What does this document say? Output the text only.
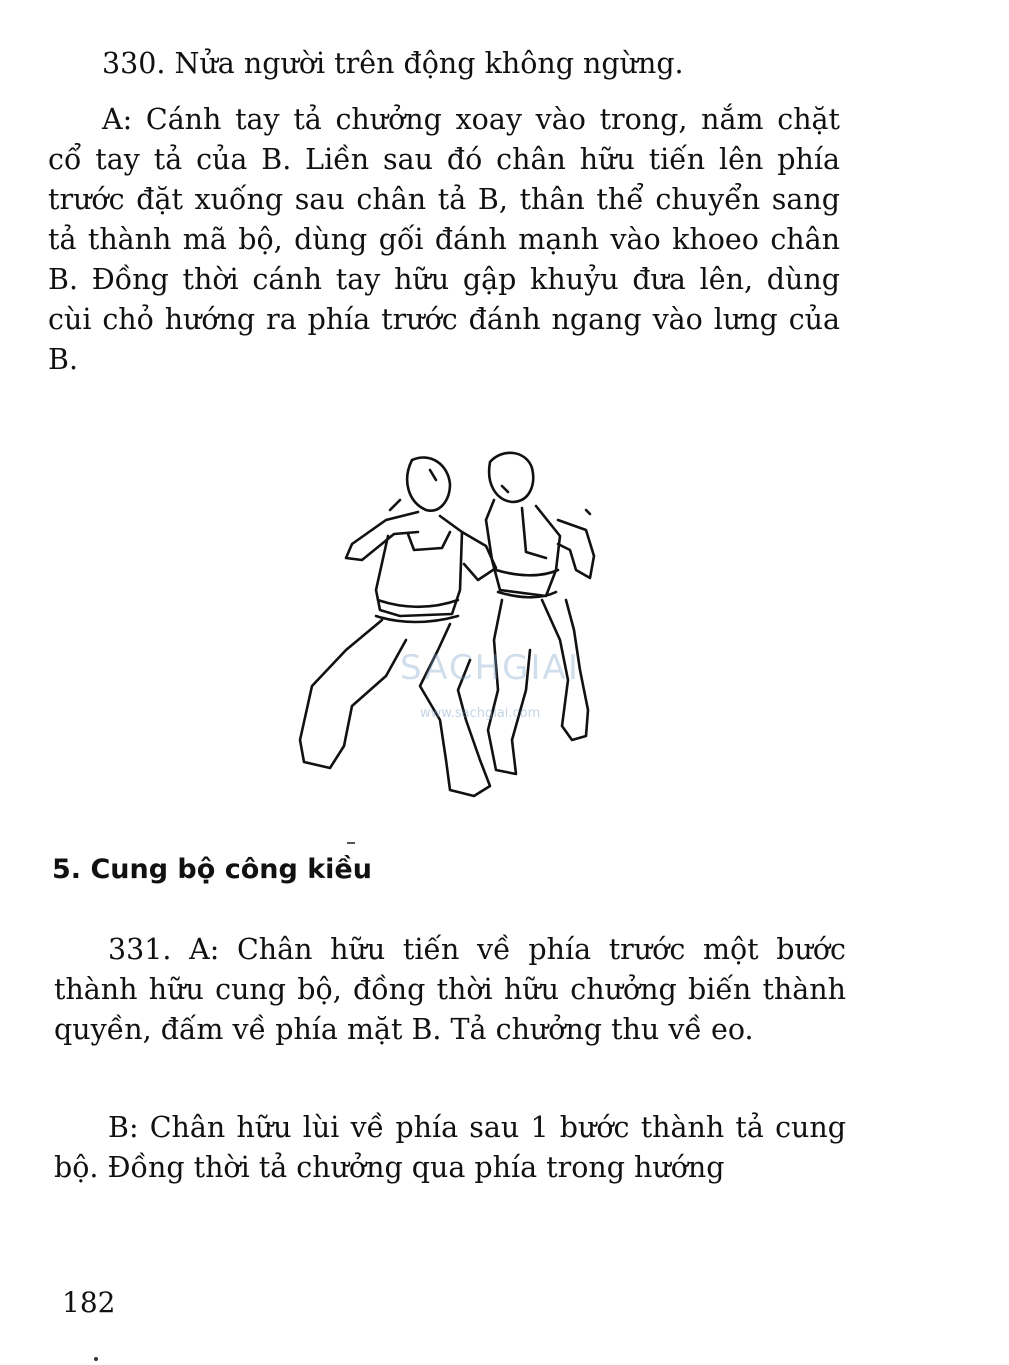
330. Nửa người trên động không ngừng.

A: Cánh tay tả chưởng xoay vào trong, nắm chặt cổ tay tả của B. Liền sau đó chân hữu tiến lên phía trước đặt xuống sau chân tả B, thân thể chuyển sang tả thành mã bộ, dùng gối đánh mạnh vào khoeo chân B. Đồng thời cánh tay hữu gập khuỷu đưa lên, dùng cùi chỏ hướng ra phía trước đánh ngang vào lưng của B.

SACHGIAI
www.sachgiai.com
5. Cung bộ công kiều

331. A: Chân hữu tiến về phía trước một bước thành hữu cung bộ, đồng thời hữu chưởng biến thành quyền, đấm về phía mặt B. Tả chưởng thu về eo.

B: Chân hữu lùi về phía sau 1 bước thành tả cung bộ. Đồng thời tả chưởng qua phía trong hướng

182
